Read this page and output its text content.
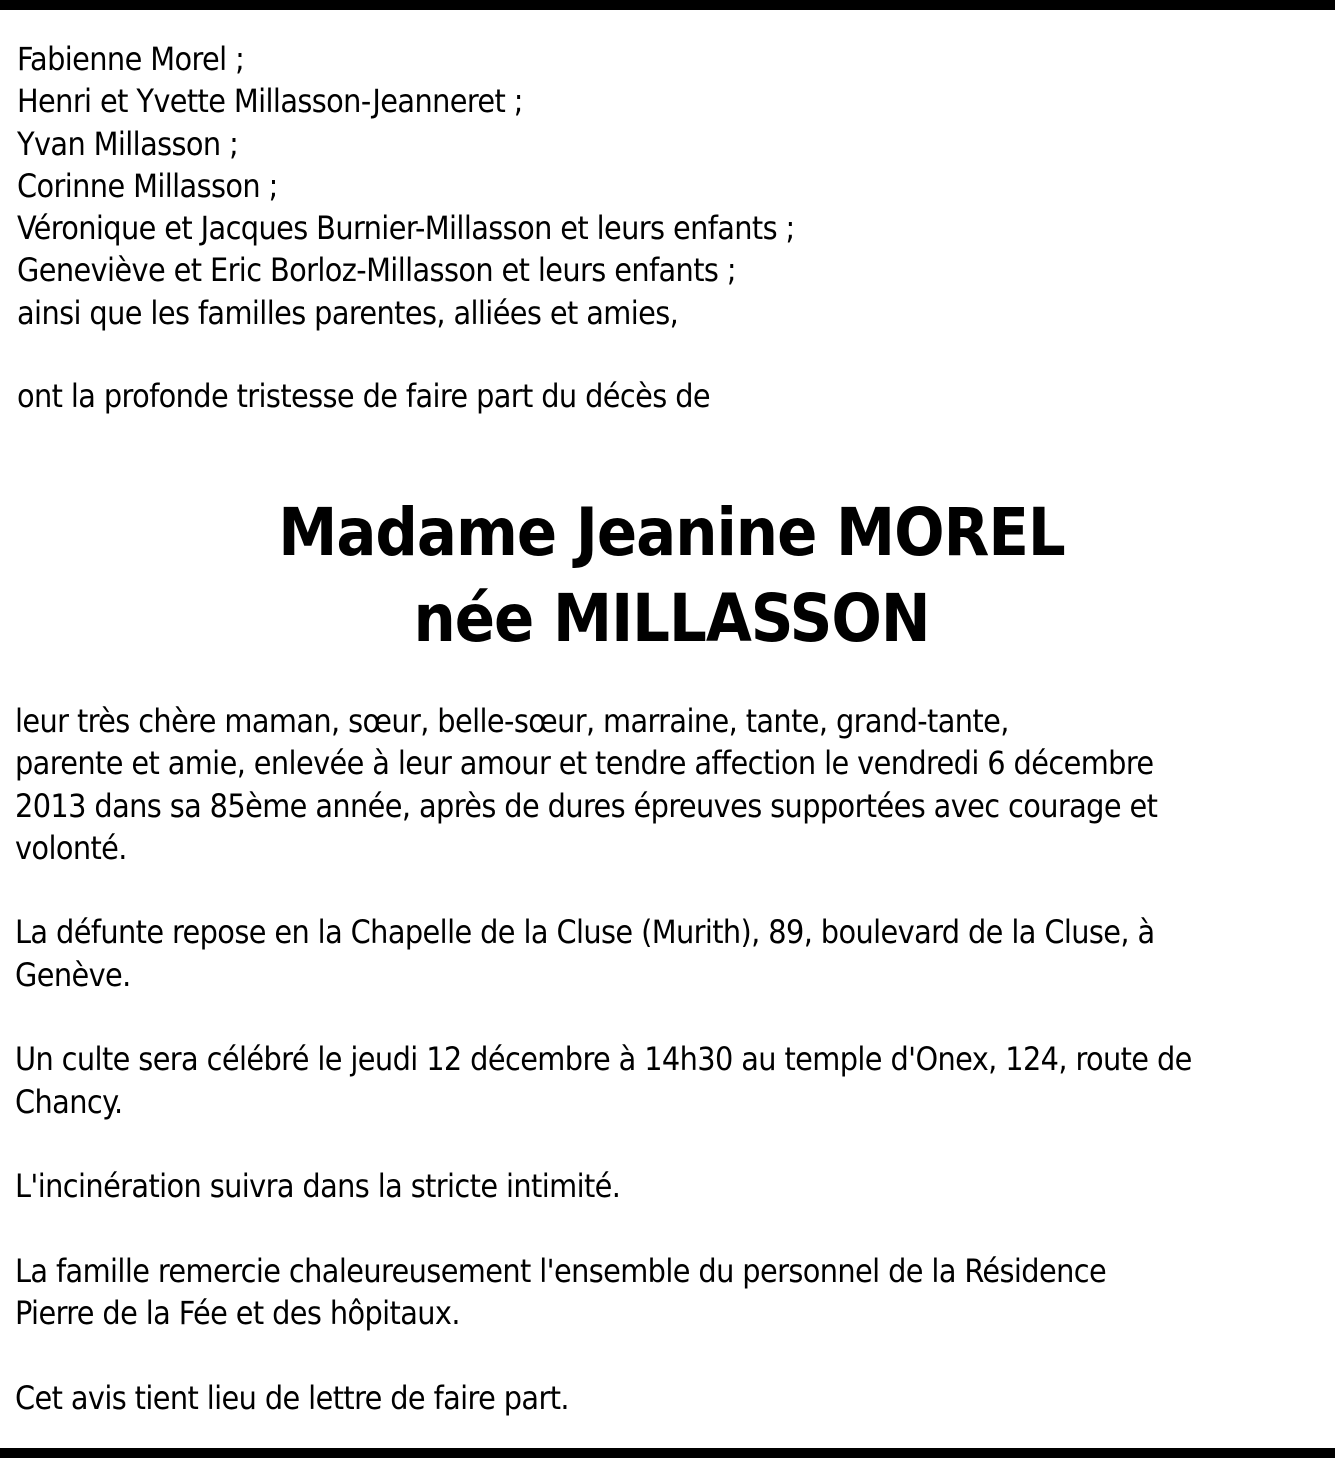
Fabienne Morel ;
Henri et Yvette Millasson-Jeanneret ;
Yvan Millasson ;
Corinne Millasson ;
Véronique et Jacques Burnier-Millasson et leurs enfants ;
Geneviève et Eric Borloz-Millasson et leurs enfants ;
ainsi que les familles parentes, alliées et amies,

ont la profonde tristesse de faire part du décès de

Madame Jeanine MOREL
née MILLASSON

leur très chère maman, sœur, belle-sœur, marraine, tante, grand-tante,
parente et amie, enlevée à leur amour et tendre affection le vendredi 6 décembre
2013 dans sa 85ème année, après de dures épreuves supportées avec courage et
volonté.

La défunte repose en la Chapelle de la Cluse (Murith), 89, boulevard de la Cluse, à
Genève.

Un culte sera célébré le jeudi 12 décembre à 14h30 au temple d'Onex, 124, route de
Chancy.

L'incinération suivra dans la stricte intimité.

La famille remercie chaleureusement l'ensemble du personnel de la Résidence
Pierre de la Fée et des hôpitaux.

Cet avis tient lieu de lettre de faire part.
